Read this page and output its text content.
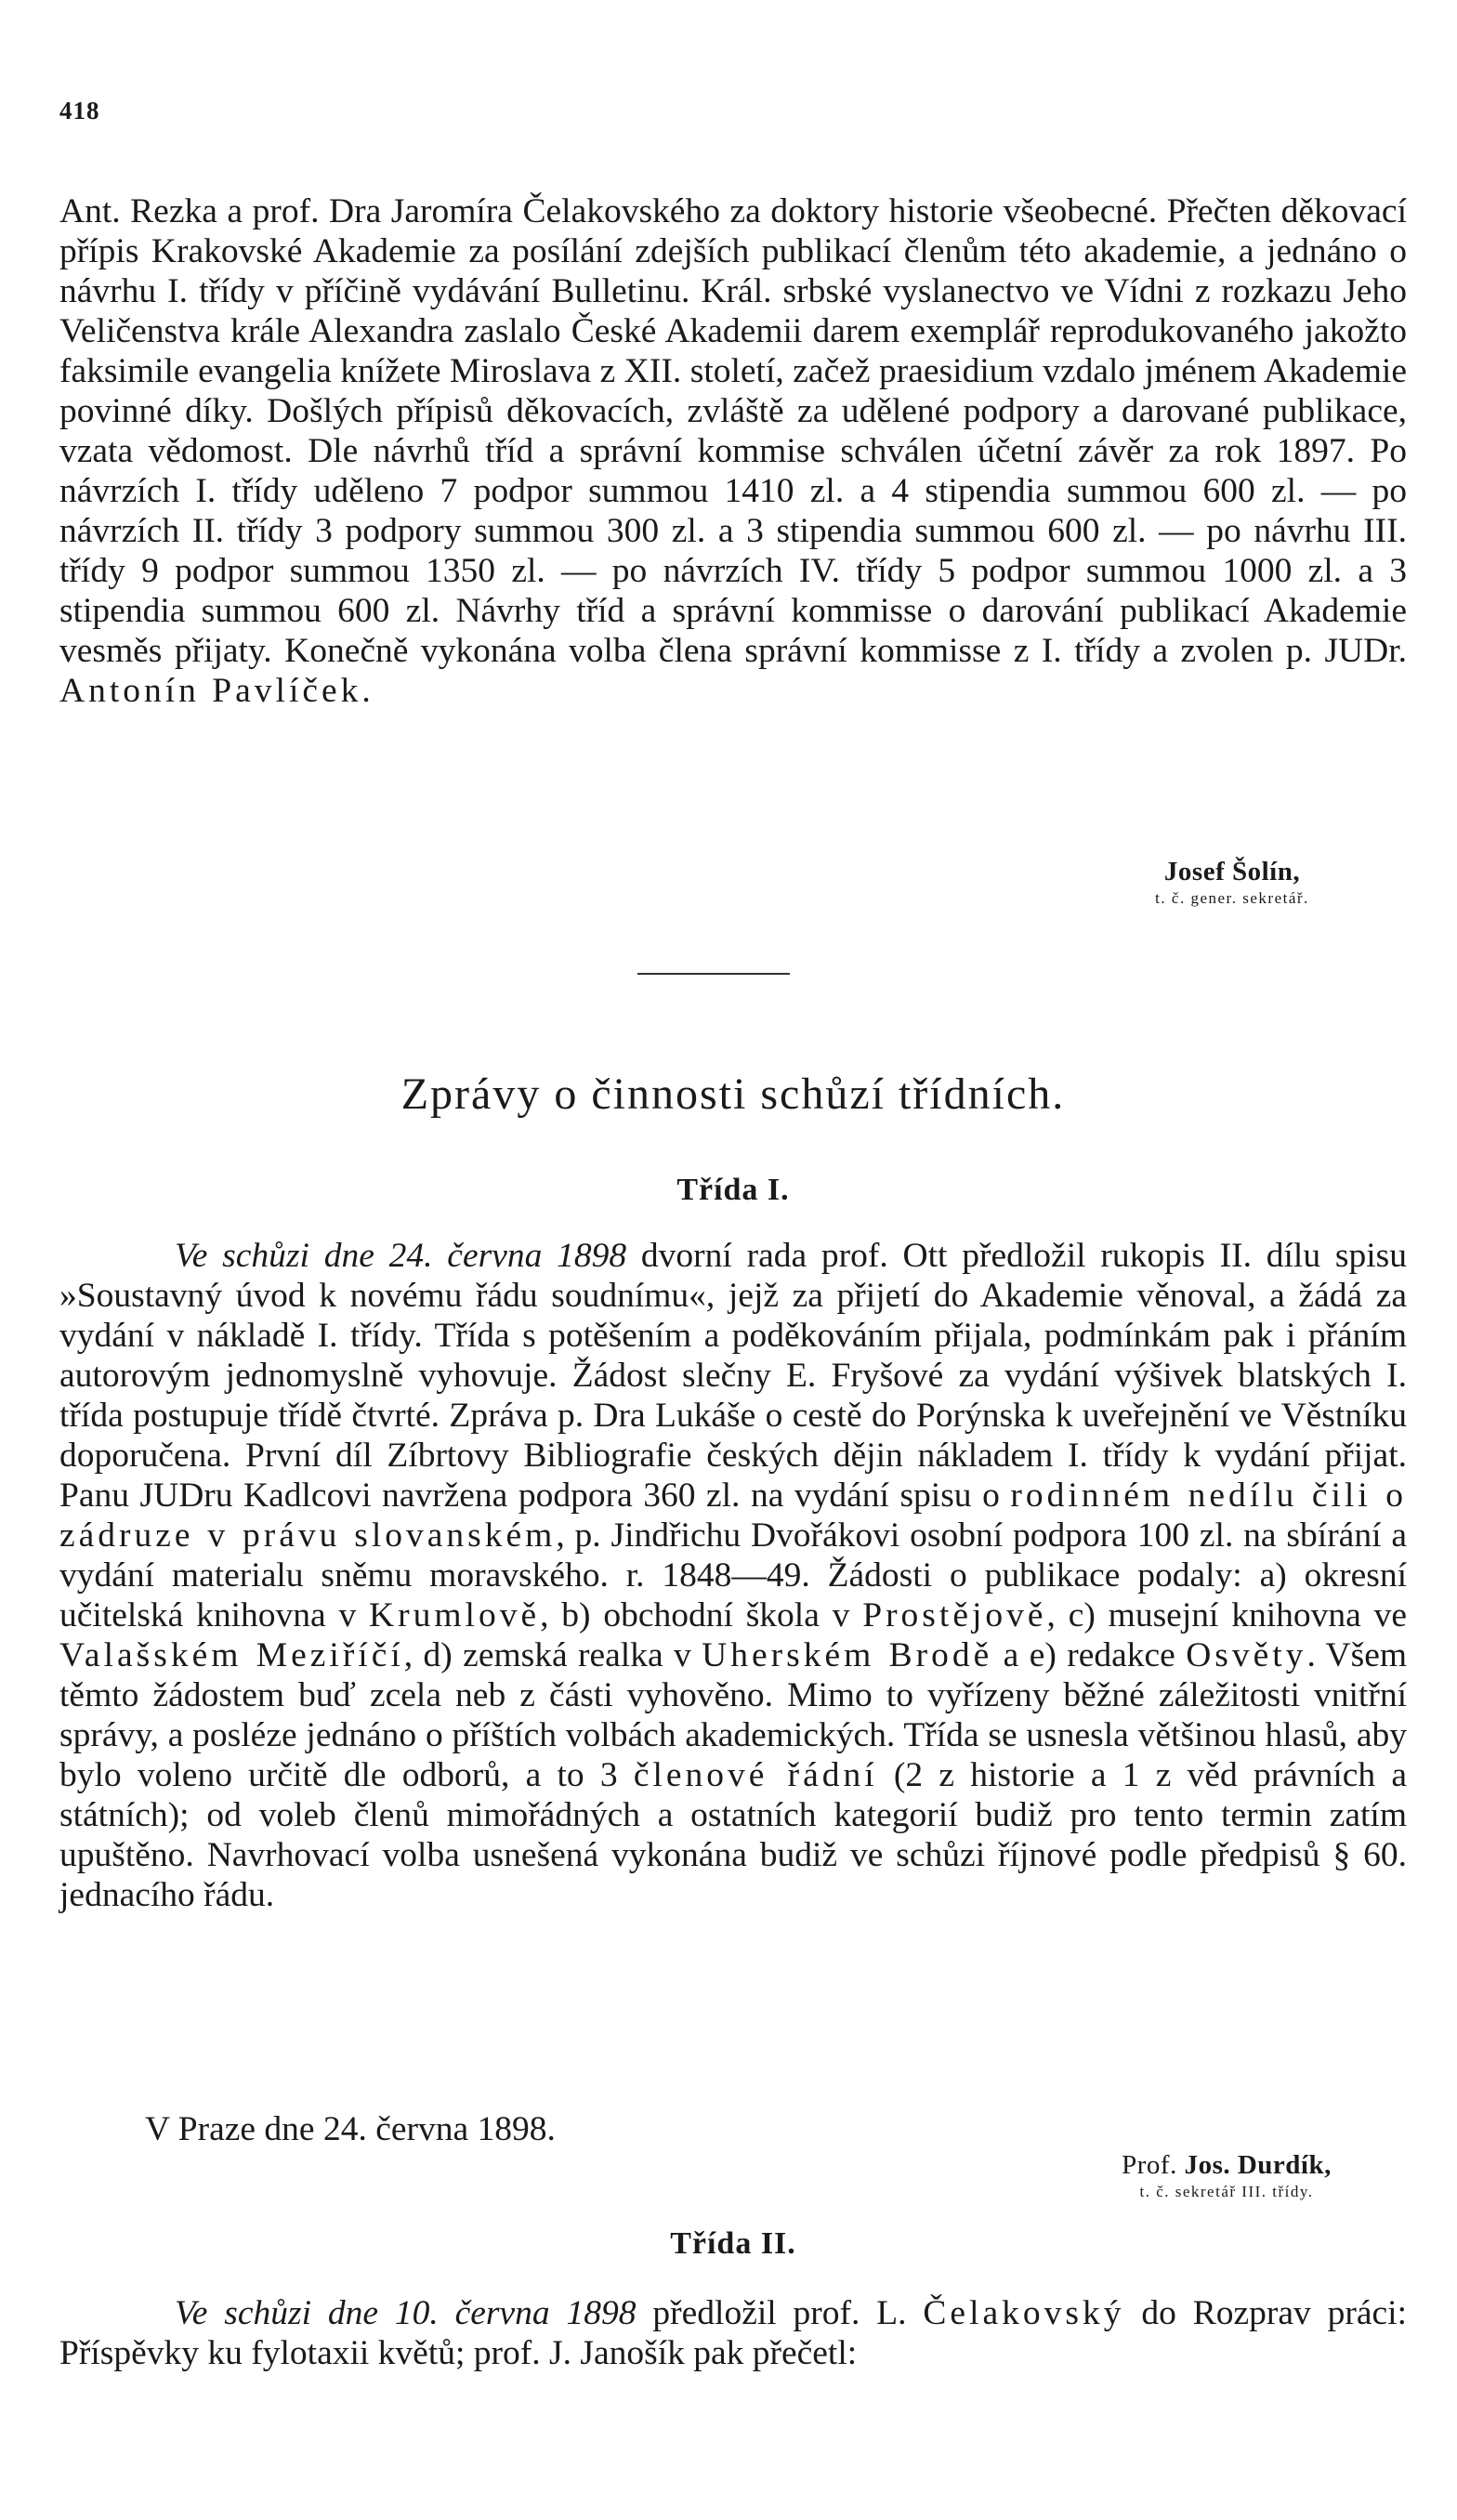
418

Ant. Rezka a prof. Dra Jaromíra Čelakovského za doktory historie všeobecné. Přečten děkovací přípis Krakovské Akademie za posílání zdejších publikací členům této akademie, a jednáno o návrhu I. třídy v příčině vydávání Bulletinu. Král. srbské vyslanectvo ve Vídni z rozkazu Jeho Veličenstva krále Alexandra zaslalo České Akademii darem exemplář reprodukovaného jakožto faksimile evangelia knížete Miroslava z XII. století, začež praesidium vzdalo jménem Akademie povinné díky. Došlých přípisů děkovacích, zvláště za udělené podpory a darované publikace, vzata vědomost. Dle návrhů tříd a správní kommise schválen účetní závěr za rok 1897. Po návrzích I. třídy uděleno 7 podpor summou 1410 zl. a 4 stipendia summou 600 zl. — po návrzích II. třídy 3 podpory summou 300 zl. a 3 stipendia summou 600 zl. — po návrhu III. třídy 9 podpor summou 1350 zl. — po návrzích IV. třídy 5 podpor summou 1000 zl. a 3 stipendia summou 600 zl. Návrhy tříd a správní kommisse o darování publikací Akademie vesměs přijaty. Konečně vykonána volba člena správní kommisse z I. třídy a zvolen p. JUDr. Antonín Pavlíček.

Josef Šolín,
t. č. gener. sekretář.
Zprávy o činnosti schůzí třídních.
Třída I.

Ve schůzi dne 24. června 1898 dvorní rada prof. Ott předložil rukopis II. dílu spisu »Soustavný úvod k novému řádu soudnímu«, jejž za přijetí do Akademie věnoval, a žádá za vydání v nákladě I. třídy. Třída s potěšením a poděkováním přijala, podmínkám pak i přáním autorovým jednomyslně vyhovuje. Žádost slečny E. Fryšové za vydání výšivek blatských I. třída postupuje třídě čtvrté. Zpráva p. Dra Lukáše o cestě do Porýnska k uveřejnění ve Věstníku doporučena. První díl Zíbrtovy Bibliografie českých dějin nákladem I. třídy k vydání přijat. Panu JUDru Kadlcovi navržena podpora 360 zl. na vydání spisu o rodinném nedílu čili o zádruze v právu slovanském, p. Jindřichu Dvořákovi osobní podpora 100 zl. na sbírání a vydání materialu sněmu moravského. r. 1848—49. Žádosti o publikace podaly: a) okresní učitelská knihovna v Krumlově, b) obchodní škola v Prostějově, c) musejní knihovna ve Valašském Meziříčí, d) zemská realka v Uherském Brodě a e) redakce Osvěty. Všem těmto žádostem buď zcela neb z části vyhověno. Mimo to vyřízeny běžné záležitosti vnitřní správy, a posléze jednáno o příštích volbách akademických. Třída se usnesla většinou hlasů, aby bylo voleno určitě dle odborů, a to 3 členové řádní (2 z historie a 1 z věd právních a státních); od voleb členů mimořádných a ostatních kategorií budiž pro tento termin zatím upuštěno. Navrhovací volba usnešená vykonána budiž ve schůzi říjnové podle předpisů § 60. jednacího řádu.

V Praze dne 24. června 1898.
Prof. Jos. Durdík,
t. č. sekretář III. třídy.
Třída II.

Ve schůzi dne 10. června 1898 předložil prof. L. Čelakovský do Rozprav práci: Příspěvky ku fylotaxii květů; prof. J. Janošík pak přečetl:
